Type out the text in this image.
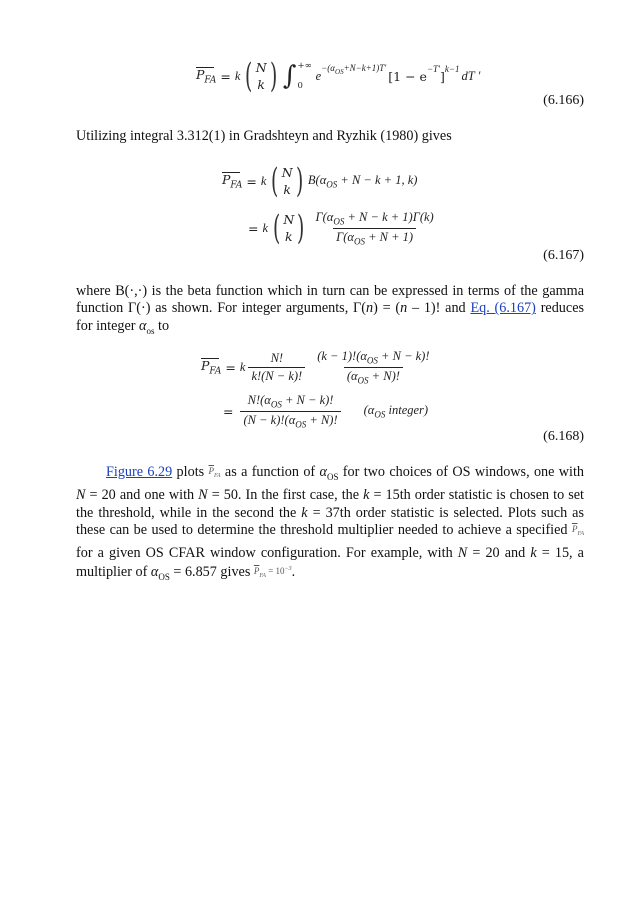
$P_{FA} = k$ ( N
k ) ∫ +∞
0
e
$^{-(\alpha_{OS}+N-k+1)T'}$
[$1 - e^{-T'}$ ]$^{k-1}$ dT ′
(6.166)

Utilizing integral 3.312(1) in Gradshteyn and Ryzhik (1980) gives

$P_{FA} = k$ ( N
k ) $B(\alpha_{OS} + N - k + 1$, k)
= k ( N
k ) $\frac{\Gamma(\alpha_{OS} + N - k + 1)\Gamma(k)}{\Gamma(\alpha_{OS} + N + 1)}$
(6.167)

where B(·,·) is the beta function which in turn can be expressed in terms of the gamma function Γ(·) as shown. For integer arguments, Γ(n) = (n – 1)! and Eq. (6.167) reduces for integer $\alpha_{os}$ to

$P_{FA} = k \frac{N!}{k!(N - k)!} \frac{(k - 1)!(\alpha_{OS} + N - k)!}{(\alpha_{OS} + N)!}$
= $\frac{N!(\alpha_{OS} + N - k)!}{(N - k)!(\alpha_{OS} + N)!} (\alpha_{OS}$ integer)
(6.168)

Figure 6.29 plots $\overline{P}_{FA}$ as a function of $\alpha_{OS}$ for two choices of OS windows, one with N = 20 and one with N = 50. In the first case, the k = 15th order statistic is chosen to set the threshold, while in the second the k = 37th order statistic is selected. Plots such as these can be used to determine the threshold multiplier needed to achieve a specified $\overline{P}_{FA}$ for a given OS CFAR window configuration. For example, with N = 20 and k = 15, a multiplier of $\alpha_{OS} = 6.857$ gives $\overline{P}_{FA} = 10^{-3}$.
